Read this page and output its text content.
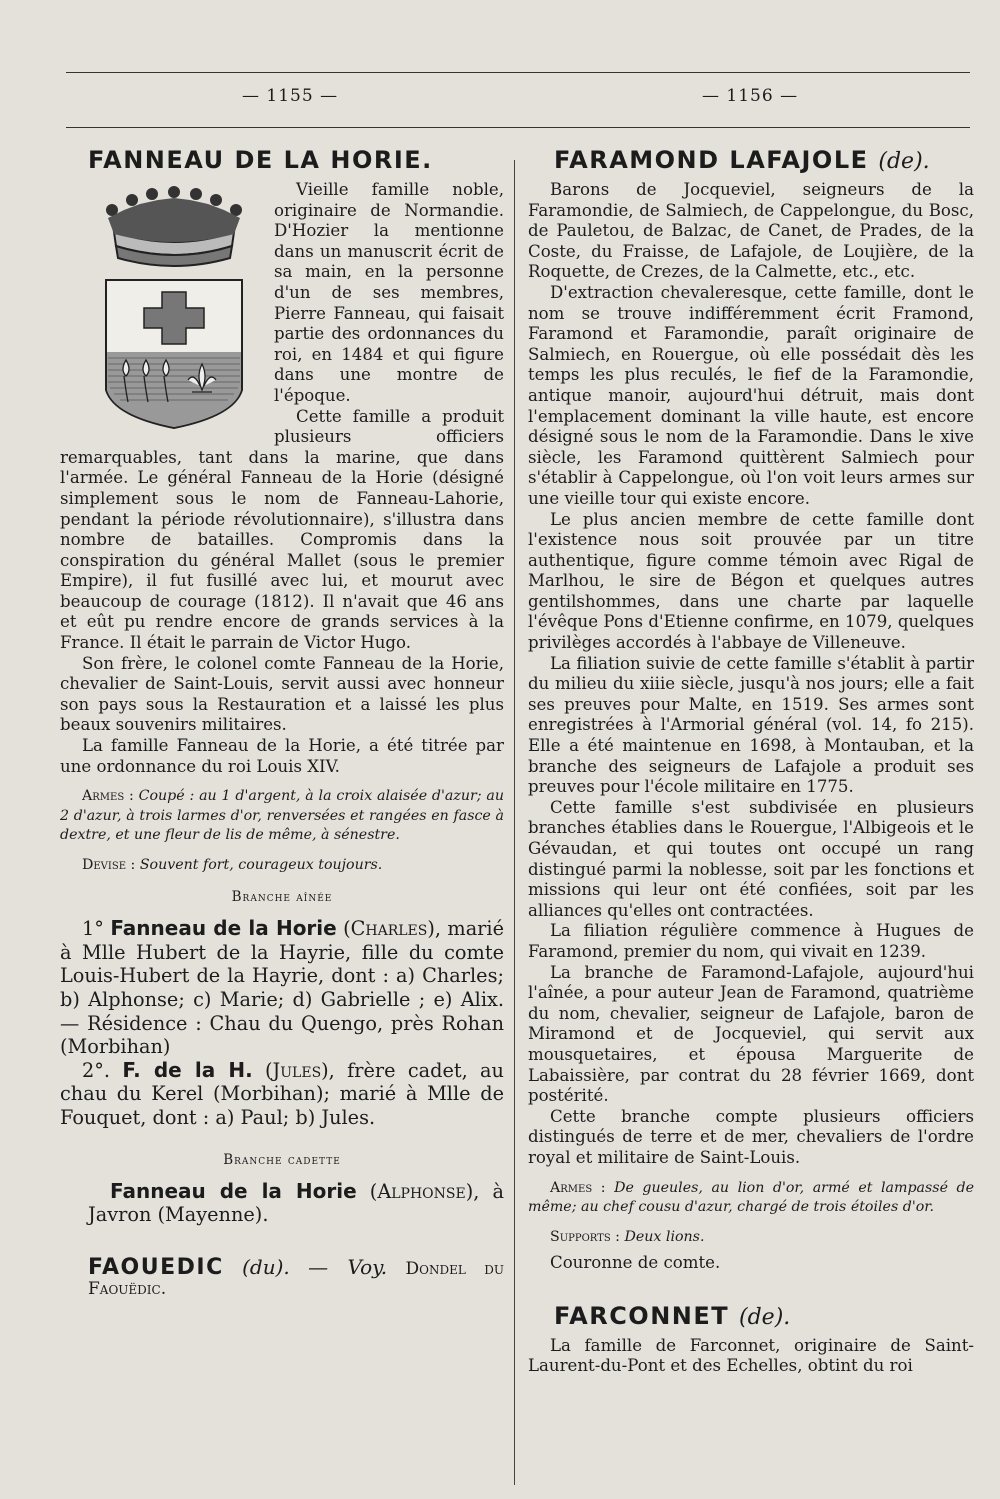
— 1155 —	— 1156 —
FANNEAU DE LA HORIE.

Vieille famille noble, originaire de Normandie. D'Hozier la mentionne dans un manuscrit écrit de sa main, en la personne d'un de ses membres, Pierre Fanneau, qui faisait partie des ordonnances du roi, en 1484 et qui figure dans une montre de l'époque.

Cette famille a produit plusieurs officiers remarquables, tant dans la marine, que dans l'armée. Le général Fanneau de la Horie (désigné simplement sous le nom de Fanneau-Lahorie, pendant la période révolutionnaire), s'illustra dans nombre de batailles. Compromis dans la conspiration du général Mallet (sous le premier Empire), il fut fusillé avec lui, et mourut avec beaucoup de courage (1812). Il n'avait que 46 ans et eût pu rendre encore de grands services à la France. Il était le parrain de Victor Hugo.

Son frère, le colonel comte Fanneau de la Horie, chevalier de Saint-Louis, servit aussi avec honneur son pays sous la Restauration et a laissé les plus beaux souvenirs militaires.

La famille Fanneau de la Horie, a été titrée par une ordonnance du roi Louis XIV.

Armes : Coupé : au 1 d'argent, à la croix alaisée d'azur; au 2 d'azur, à trois larmes d'or, renversées et rangées en fasce à dextre, et une fleur de lis de même, à sénestre.

Devise : Souvent fort, courageux toujours.

Branche aînée

1° Fanneau de la Horie (Charles), marié à Mlle Hubert de la Hayrie, fille du comte Louis-Hubert de la Hayrie, dont : a) Charles; b) Alphonse; c) Marie; d) Gabrielle ; e) Alix. — Résidence : Chau du Quengo, près Rohan (Morbihan)

2°. F. de la H. (Jules), frère cadet, au chau du Kerel (Morbihan); marié à Mlle de Fouquet, dont : a) Paul; b) Jules.

Branche cadette

Fanneau de la Horie (Alphonse), à Javron (Mayenne).

FAOUEDIC (du). — Voy. Dondel du Faouëdic.

FARAMOND LAFAJOLE (de).

Barons de Jocqueviel, seigneurs de la Faramondie, de Salmiech, de Cappelongue, du Bosc, de Pauletou, de Balzac, de Canet, de Prades, de la Coste, du Fraisse, de Lafajole, de Loujière, de la Roquette, de Crezes, de la Calmette, etc., etc.

D'extraction chevaleresque, cette famille, dont le nom se trouve indifféremment écrit Framond, Faramond et Faramondie, paraît originaire de Salmiech, en Rouergue, où elle possédait dès les temps les plus reculés, le fief de la Faramondie, antique manoir, aujourd'hui détruit, mais dont l'emplacement dominant la ville haute, est encore désigné sous le nom de la Faramondie. Dans le xive siècle, les Faramond quittèrent Salmiech pour s'établir à Cappelongue, où l'on voit leurs armes sur une vieille tour qui existe encore.

Le plus ancien membre de cette famille dont l'existence nous soit prouvée par un titre authentique, figure comme témoin avec Rigal de Marlhou, le sire de Bégon et quelques autres gentilshommes, dans une charte par laquelle l'évêque Pons d'Etienne confirme, en 1079, quelques privilèges accordés à l'abbaye de Villeneuve.

La filiation suivie de cette famille s'établit à partir du milieu du xiiie siècle, jusqu'à nos jours; elle a fait ses preuves pour Malte, en 1519. Ses armes sont enregistrées à l'Armorial général (vol. 14, fo 215). Elle a été maintenue en 1698, à Montauban, et la branche des seigneurs de Lafajole a produit ses preuves pour l'école militaire en 1775.

Cette famille s'est subdivisée en plusieurs branches établies dans le Rouergue, l'Albigeois et le Gévaudan, et qui toutes ont occupé un rang distingué parmi la noblesse, soit par les fonctions et missions qui leur ont été confiées, soit par les alliances qu'elles ont contractées.

La filiation régulière commence à Hugues de Faramond, premier du nom, qui vivait en 1239.

La branche de Faramond-Lafajole, aujourd'hui l'aînée, a pour auteur Jean de Faramond, quatrième du nom, chevalier, seigneur de Lafajole, baron de Miramond et de Jocqueviel, qui servit aux mousquetaires, et épousa Marguerite de Labaissière, par contrat du 28 février 1669, dont postérité.

Cette branche compte plusieurs officiers distingués de terre et de mer, chevaliers de l'ordre royal et militaire de Saint-Louis.

Armes : De gueules, au lion d'or, armé et lampassé de même; au chef cousu d'azur, chargé de trois étoiles d'or.

Supports : Deux lions.

Couronne de comte.

FARCONNET (de).

La famille de Farconnet, originaire de Saint-Laurent-du-Pont et des Echelles, obtint du roi
